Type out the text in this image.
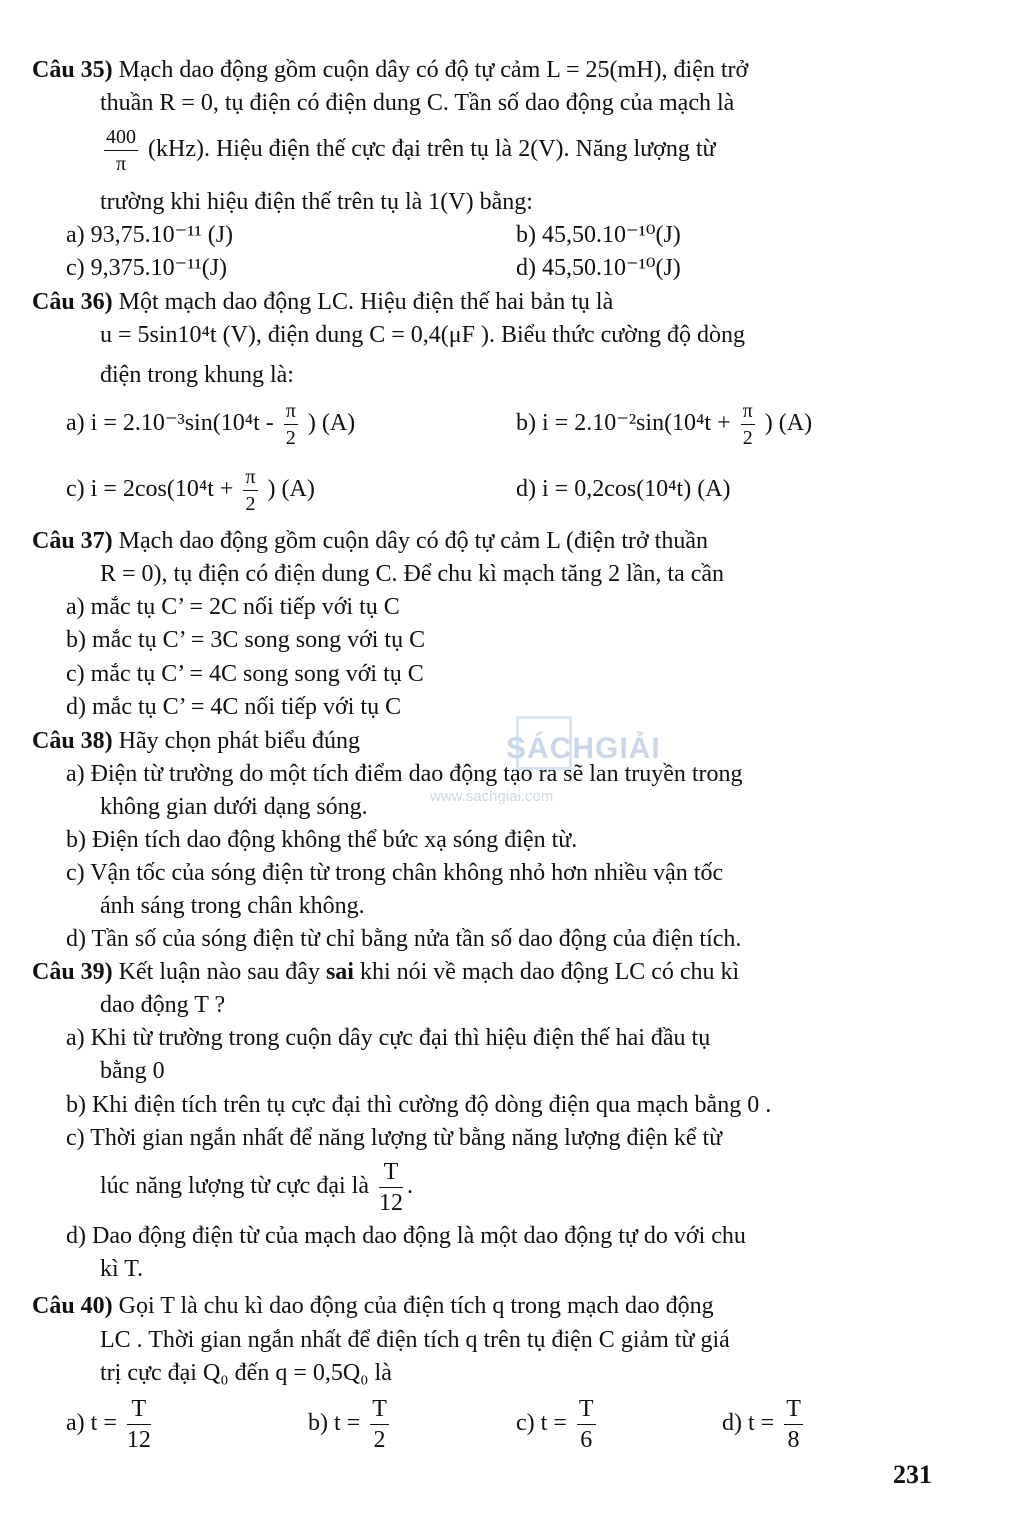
Câu 35) Mạch dao động gồm cuộn dây có độ tự cảm L = 25(mH), điện trở
thuần R = 0, tụ điện có điện dung C. Tần số dao động của mạch là
$\frac{400}{\pi} (kHz)$. Hiệu điện thế cực đại trên tụ là 2(V). Năng lượng từ
trường khi hiệu điện thế trên tụ là 1(V) bằng:
a) 93,75.10⁻¹¹ (J)	b) 45,50.10⁻¹⁰(J)
c) 9,375.10⁻¹¹(J)	d) 45,50.10⁻¹⁰(J)
Câu 36) Một mạch dao động LC. Hiệu điện thế hai bản tụ là
u = 5sin10⁴t (V), điện dung C = 0,4(μF ). Biểu thức cường độ dòng
điện trong khung là:
a) $i = 2.10^{-3}\sin(10^4t - \frac{\pi}{2}$ ) (A)	b) $i = 2.10^{-2}\sin(10^4t + \frac{\pi}{2}$ ) (A)
c) $i = 2\cos(10^4t + \frac{\pi}{2}$ ) (A)	d) i = 0,2cos(10⁴t) (A)
Câu 37) Mạch dao động gồm cuộn dây có độ tự cảm L (điện trở thuần
R = 0), tụ điện có điện dung C. Để chu kì mạch tăng 2 lần, ta cần
a) mắc tụ C’ = 2C nối tiếp với tụ C
b) mắc tụ C’ = 3C song song với tụ C
c) mắc tụ C’ = 4C song song với tụ C
d) mắc tụ C’ = 4C nối tiếp với tụ C
Câu 38) Hãy chọn phát biểu đúng
a) Điện từ trường do một tích điểm dao động tạo ra sẽ lan truyền trong
không gian dưới dạng sóng.
b) Điện tích dao động không thể bức xạ sóng điện từ.
c) Vận tốc của sóng điện từ trong chân không nhỏ hơn nhiều vận tốc
ánh sáng trong chân không.
d) Tần số của sóng điện từ chỉ bằng nửa tần số dao động của điện tích.
Câu 39) Kết luận nào sau đây sai khi nói về mạch dao động LC có chu kì
dao động T ?
a) Khi từ trường trong cuộn dây cực đại thì hiệu điện thế hai đầu tụ
bằng 0
b) Khi điện tích trên tụ cực đại thì cường độ dòng điện qua mạch bằng 0 .
c) Thời gian ngắn nhất để năng lượng từ bằng năng lượng điện kể từ
lúc năng lượng từ cực đại là $\frac{T}{12}$ .
d) Dao động điện từ của mạch dao động là một dao động tự do với chu
kì T.
Câu 40) Gọi T là chu kì dao động của điện tích q trong mạch dao động
LC . Thời gian ngắn nhất để điện tích q trên tụ điện C giảm từ giá
trị cực đại Q₀ đến q = 0,5Q₀ là
a) $t = \frac{T}{12}$	b) $t = \frac{T}{2}$	c) $t = \frac{T}{6}$	d) $t = \frac{T}{8}$
SÁCHGIẢI
www.sachgiai.com
231
